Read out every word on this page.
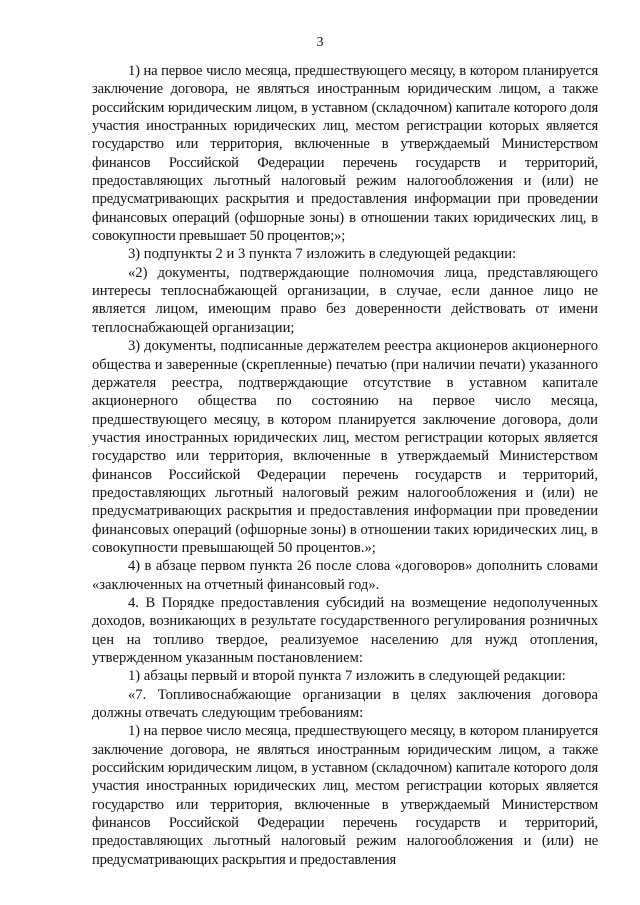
3

1) на первое число месяца, предшествующего месяцу, в котором планируется заключение договора, не являться иностранным юридическим лицом, а также российским юридическим лицом, в уставном (складочном) капитале которого доля участия иностранных юридических лиц, местом регистрации которых является государство или территория, включенные в утверждаемый Министерством финансов Российской Федерации перечень государств и территорий, предоставляющих льготный налоговый режим налогообложения и (или) не предусматривающих раскрытия и предоставления информации при проведении финансовых операций (офшорные зоны) в отношении таких юридических лиц, в совокупности превышает 50 процентов;»;

3) подпункты 2 и 3 пункта 7 изложить в следующей редакции:

«2) документы, подтверждающие полномочия лица, представляющего интересы теплоснабжающей организации, в случае, если данное лицо не является лицом, имеющим право без доверенности действовать от имени теплоснабжающей организации;

3) документы, подписанные держателем реестра акционеров акционерного общества и заверенные (скрепленные) печатью (при наличии печати) указанного держателя реестра, подтверждающие отсутствие в уставном капитале акционерного общества по состоянию на первое число месяца, предшествующего месяцу, в котором планируется заключение договора, доли участия иностранных юридических лиц, местом регистрации которых является государство или территория, включенные в утверждаемый Министерством финансов Российской Федерации перечень государств и территорий, предоставляющих льготный налоговый режим налогообложения и (или) не предусматривающих раскрытия и предоставления информации при проведении финансовых операций (офшорные зоны) в отношении таких юридических лиц, в совокупности превышающей 50 процентов.»;

4) в абзаце первом пункта 26 после слова «договоров» дополнить словами «заключенных на отчетный финансовый год».

4. В Порядке предоставления субсидий на возмещение недополученных доходов, возникающих в результате государственного регулирования розничных цен на топливо твердое, реализуемое населению для нужд отопления, утвержденном указанным постановлением:

1) абзацы первый и второй пункта 7 изложить в следующей редакции:

«7. Топливоснабжающие организации в целях заключения договора должны отвечать следующим требованиям:

1) на первое число месяца, предшествующего месяцу, в котором планируется заключение договора, не являться иностранным юридическим лицом, а также российским юридическим лицом, в уставном (складочном) капитале которого доля участия иностранных юридических лиц, местом регистрации которых является государство или территория, включенные в утверждаемый Министерством финансов Российской Федерации перечень государств и территорий, предоставляющих льготный налоговый режим налогообложения и (или) не предусматривающих раскрытия и предоставления
